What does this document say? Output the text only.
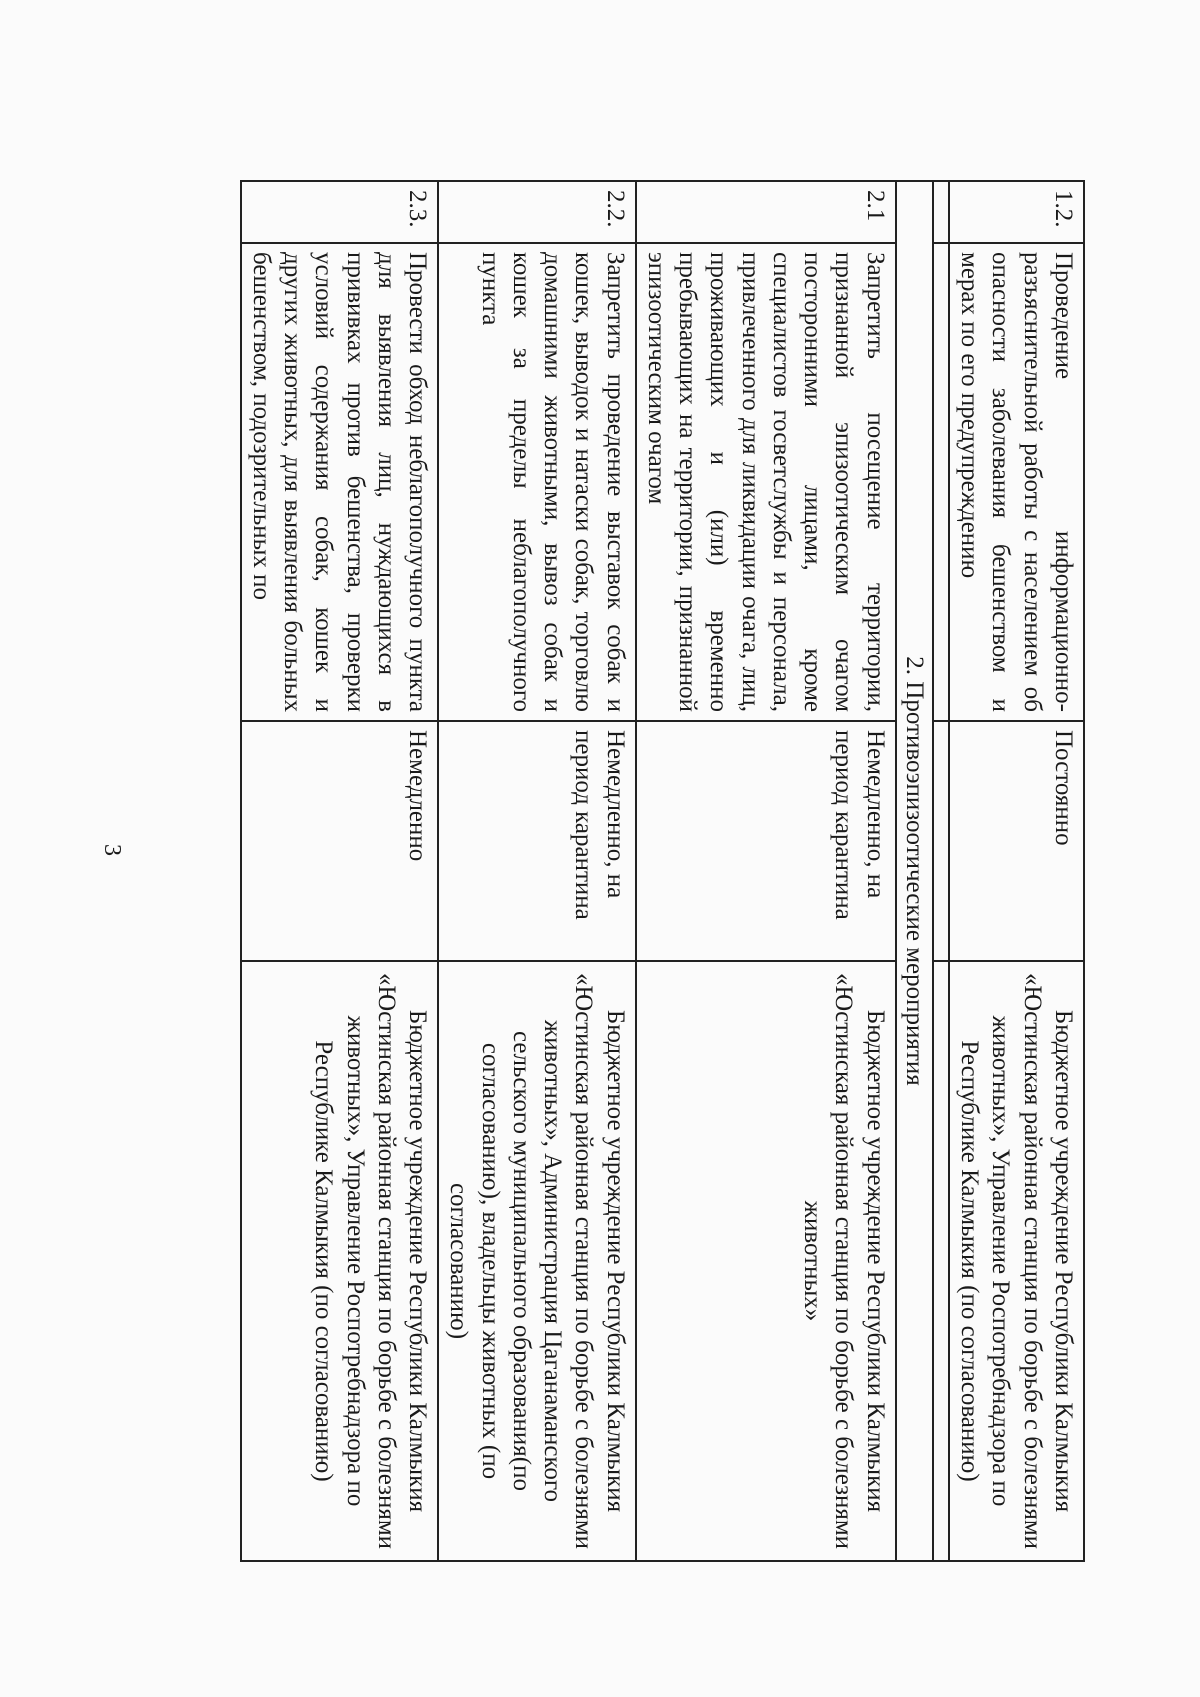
3
1.2.	Проведение информационно-разъяснительной работы с населением об опасности заболевания бешенством и мерах по его предупреждению	Постоянно	Бюджетное учреждение Республики Калмыкия «Юстинская районная станция по борьбе с болезнями животных», Управление Роспотребнадзора по Республике Калмыкия (по согласованию)

2. Противоэпизоотические мероприятия			
2.1	Запретить посещение территории, признанной эпизоотическим очагом посторонними лицами, кроме специалистов госветслужбы и персонала, привлеченного для ликвидации очага, лиц, проживающих и (или) временно пребывающих на территории, признанной эпизоотическим очагом	Немедленно, на период карантина	Бюджетное учреждение Республики Калмыкия «Юстинская районная станция по борьбе с болезнями животных»
2.2.	Запретить проведение выставок собак и кошек, выводок и натаски собак, торговлю домашними животными, вывоз собак и кошек за пределы неблагополучного пункта	Немедленно, на период карантина	Бюджетное учреждение Республики Калмыкия «Юстинская районная станция по борьбе с болезнями животных», Администрация Цаганаманского сельского муниципального образования(по согласованию), владельцы животных (по согласованию)
2.3.	Провести обход неблагополучного пункта для выявления лиц, нуждающихся в прививках против бешенства, проверки условий содержания собак, кошек и других животных, для выявления больных бешенством, подозрительных по	Немедленно	Бюджетное учреждение Республики Калмыкия «Юстинская районная станция по борьбе с болезнями животных», Управление Роспотребнадзора по Республике Калмыкия (по согласованию)
